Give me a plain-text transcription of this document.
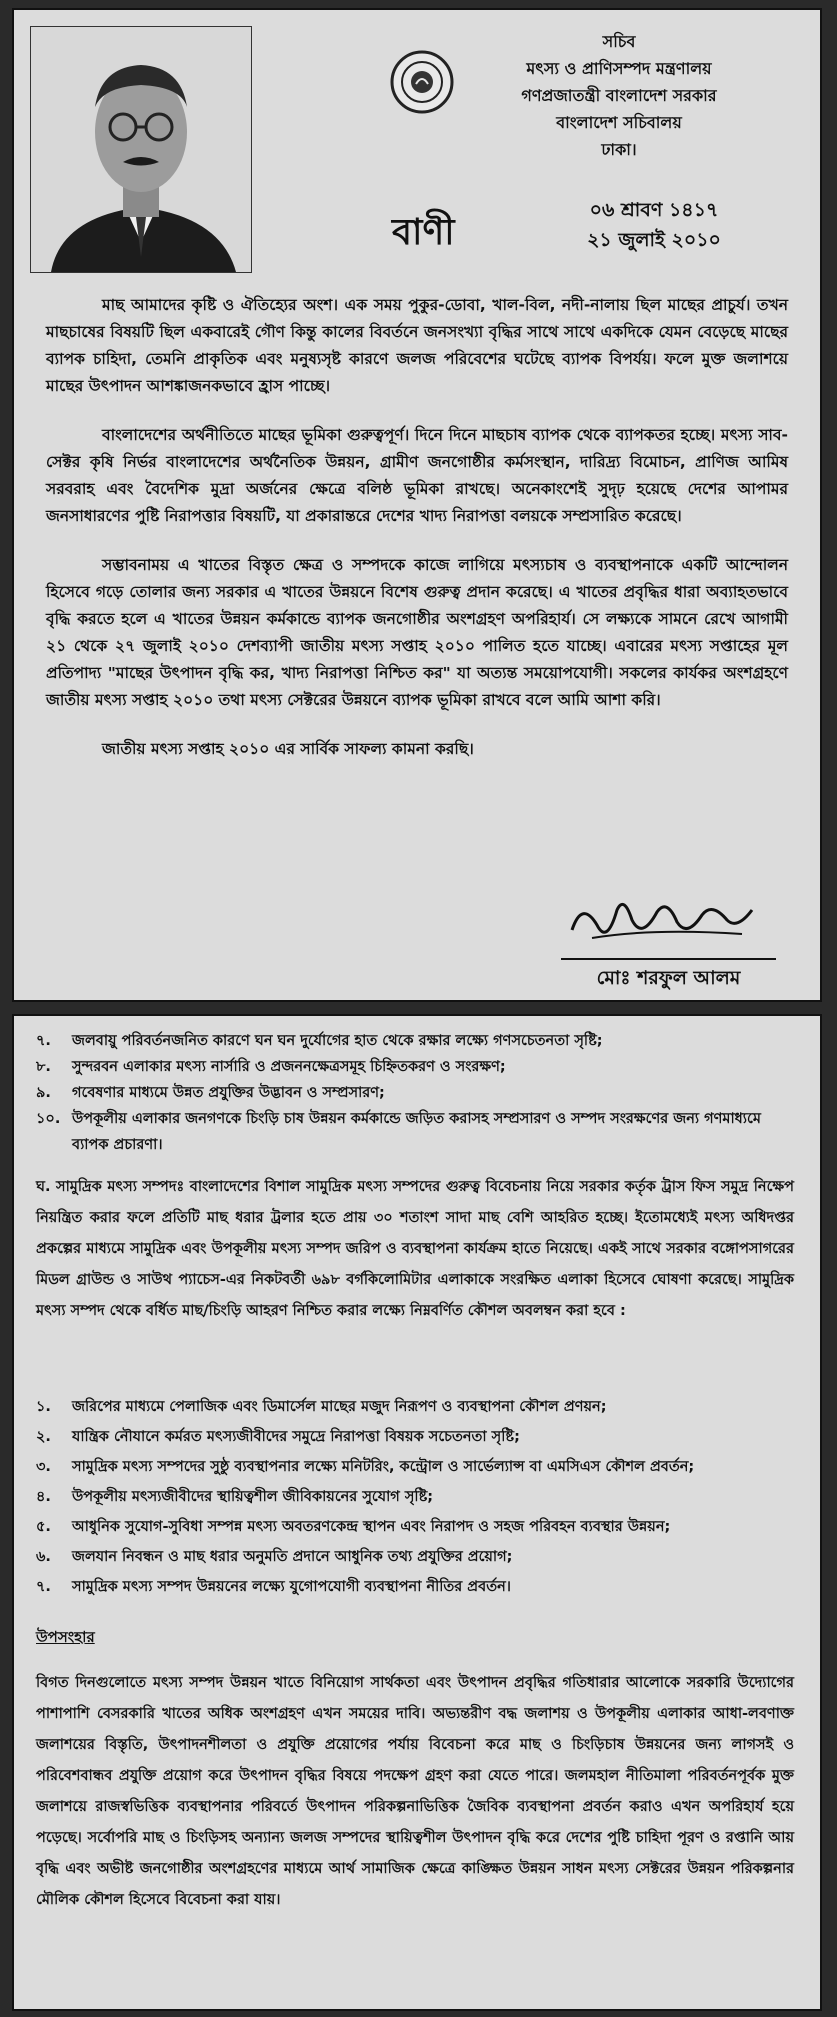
সচিব
মৎস্য ও প্রাণিসম্পদ মন্ত্রণালয়
গণপ্রজাতন্ত্রী বাংলাদেশ সরকার
বাংলাদেশ সচিবালয়
ঢাকা।
০৬ শ্রাবণ ১৪১৭
২১ জুলাই ২০১০
বাণী

মাছ আমাদের কৃষ্টি ও ঐতিহ্যের অংশ। এক সময় পুকুর-ডোবা, খাল-বিল, নদী-নালায় ছিল মাছের প্রাচুর্য। তখন মাছচাষের বিষয়টি ছিল একবারেই গৌণ কিন্তু কালের বিবর্তনে জনসংখ্যা বৃদ্ধির সাথে সাথে একদিকে যেমন বেড়েছে মাছের ব্যাপক চাহিদা, তেমনি প্রাকৃতিক এবং মনুষ্যসৃষ্ট কারণে জলজ পরিবেশের ঘটেছে ব্যাপক বিপর্যয়। ফলে মুক্ত জলাশয়ে মাছের উৎপাদন আশঙ্কাজনকভাবে হ্রাস পাচ্ছে।

বাংলাদেশের অর্থনীতিতে মাছের ভূমিকা গুরুত্বপূর্ণ। দিনে দিনে মাছচাষ ব্যাপক থেকে ব্যাপকতর হচ্ছে। মৎস্য সাব-সেক্টর কৃষি নির্ভর বাংলাদেশের অর্থনৈতিক উন্নয়ন, গ্রামীণ জনগোষ্ঠীর কর্মসংস্থান, দারিদ্র্য বিমোচন, প্রাণিজ আমিষ সরবরাহ এবং বৈদেশিক মুদ্রা অর্জনের ক্ষেত্রে বলিষ্ঠ ভূমিকা রাখছে। অনেকাংশেই সুদৃঢ় হয়েছে দেশের আপামর জনসাধারণের পুষ্টি নিরাপত্তার বিষয়টি, যা প্রকারান্তরে দেশের খাদ্য নিরাপত্তা বলয়কে সম্প্রসারিত করেছে।

সম্ভাবনাময় এ খাতের বিস্তৃত ক্ষেত্র ও সম্পদকে কাজে লাগিয়ে মৎস্যচাষ ও ব্যবস্থাপনাকে একটি আন্দোলন হিসেবে গড়ে তোলার জন্য সরকার এ খাতের উন্নয়নে বিশেষ গুরুত্ব প্রদান করেছে। এ খাতের প্রবৃদ্ধির ধারা অব্যাহতভাবে বৃদ্ধি করতে হলে এ খাতের উন্নয়ন কর্মকান্ডে ব্যাপক জনগোষ্ঠীর অংশগ্রহণ অপরিহার্য। সে লক্ষ্যকে সামনে রেখে আগামী ২১ থেকে ২৭ জুলাই ২০১০ দেশব্যাপী জাতীয় মৎস্য সপ্তাহ ২০১০ পালিত হতে যাচ্ছে। এবারের মৎস্য সপ্তাহের মূল প্রতিপাদ্য "মাছের উৎপাদন বৃদ্ধি কর, খাদ্য নিরাপত্তা নিশ্চিত কর" যা অত্যন্ত সময়োপযোগী। সকলের কার্যকর অংশগ্রহণে জাতীয় মৎস্য সপ্তাহ ২০১০ তথা মৎস্য সেক্টরের উন্নয়নে ব্যাপক ভূমিকা রাখবে বলে আমি আশা করি।

জাতীয় মৎস্য সপ্তাহ ২০১০ এর সার্বিক সাফল্য কামনা করছি।

মোঃ শরফুল আলম
৭.	জলবায়ু পরিবর্তনজনিত কারণে ঘন ঘন দুর্যোগের হাত থেকে রক্ষার লক্ষ্যে গণসচেতনতা সৃষ্টি;
৮.	সুন্দরবন এলাকার মৎস্য নার্সারি ও প্রজননক্ষেত্রসমূহ চিহ্নিতকরণ ও সংরক্ষণ;
৯.	গবেষণার মাধ্যমে উন্নত প্রযুক্তির উদ্ভাবন ও সম্প্রসারণ;
১০. উপকূলীয় এলাকার জনগণকে চিংড়ি চাষ উন্নয়ন কর্মকান্ডে জড়িত করাসহ সম্প্রসারণ ও সম্পদ সংরক্ষণের জন্য গণমাধ্যমে ব্যাপক প্রচারণা।
ঘ. সামুদ্রিক মৎস্য সম্পদঃ বাংলাদেশের বিশাল সামুদ্রিক মৎস্য সম্পদের গুরুত্ব বিবেচনায় নিয়ে সরকার কর্তৃক ট্রাস ফিস সমুদ্র নিক্ষেপ নিয়ন্ত্রিত করার ফলে প্রতিটি মাছ ধরার ট্রলার হতে প্রায় ৩০ শতাংশ সাদা মাছ বেশি আহরিত হচ্ছে। ইতোমধ্যেই মৎস্য অধিদপ্তর প্রকল্পের মাধ্যমে সামুদ্রিক এবং উপকূলীয় মৎস্য সম্পদ জরিপ ও ব্যবস্থাপনা কার্যক্রম হাতে নিয়েছে। একই সাথে সরকার বঙ্গোপসাগরের মিডল গ্রাউন্ড ও সাউথ প্যাচেস-এর নিকটবর্তী ৬৯৮ বর্গকিলোমিটার এলাকাকে সংরক্ষিত এলাকা হিসেবে ঘোষণা করেছে। সামুদ্রিক মৎস্য সম্পদ থেকে বর্ধিত মাছ/চিংড়ি আহরণ নিশ্চিত করার লক্ষ্যে নিম্নবর্ণিত কৌশল অবলম্বন করা হবে :
১.	জরিপের মাধ্যমে পেলাজিক এবং ডিমার্সেল মাছের মজুদ নিরূপণ ও ব্যবস্থাপনা কৌশল প্রণয়ন;
২.	যান্ত্রিক নৌযানে কর্মরত মৎস্যজীবীদের সমুদ্রে নিরাপত্তা বিষয়ক সচেতনতা সৃষ্টি;
৩.	সামুদ্রিক মৎস্য সম্পদের সুষ্ঠু ব্যবস্থাপনার লক্ষ্যে মনিটরিং, কন্ট্রোল ও সার্ভেল্যান্স বা এমসিএস কৌশল প্রবর্তন;
৪.	উপকূলীয় মৎস্যজীবীদের স্থায়িত্বশীল জীবিকায়নের সুযোগ সৃষ্টি;
৫.	আধুনিক সুযোগ-সুবিধা সম্পন্ন মৎস্য অবতরণকেন্দ্র স্থাপন এবং নিরাপদ ও সহজ পরিবহন ব্যবস্থার উন্নয়ন;
৬.	জলযান নিবন্ধন ও মাছ ধরার অনুমতি প্রদানে আধুনিক তথ্য প্রযুক্তির প্রয়োগ;
৭.	সামুদ্রিক মৎস্য সম্পদ উন্নয়নের লক্ষ্যে যুগোপযোগী ব্যবস্থাপনা নীতির প্রবর্তন।
উপসংহার
বিগত দিনগুলোতে মৎস্য সম্পদ উন্নয়ন খাতে বিনিয়োগ সার্থকতা এবং উৎপাদন প্রবৃদ্ধির গতিধারার আলোকে সরকারি উদ্যোগের পাশাপাশি বেসরকারি খাতের অধিক অংশগ্রহণ এখন সময়ের দাবি। অভ্যন্তরীণ বদ্ধ জলাশয় ও উপকূলীয় এলাকার আধা-লবণাক্ত জলাশয়ের বিস্তৃতি, উৎপাদনশীলতা ও প্রযুক্তি প্রয়োগের পর্যায় বিবেচনা করে মাছ ও চিংড়িচাষ উন্নয়নের জন্য লাগসই ও পরিবেশবান্ধব প্রযুক্তি প্রয়োগ করে উৎপাদন বৃদ্ধির বিষয়ে পদক্ষেপ গ্রহণ করা যেতে পারে। জলমহাল নীতিমালা পরিবর্তনপূর্বক মুক্ত জলাশয়ে রাজস্বভিত্তিক ব্যবস্থাপনার পরিবর্তে উৎপাদন পরিকল্পনাভিত্তিক জৈবিক ব্যবস্থাপনা প্রবর্তন করাও এখন অপরিহার্য হয়ে পড়েছে। সর্বোপরি মাছ ও চিংড়িসহ অন্যান্য জলজ সম্পদের স্থায়িত্বশীল উৎপাদন বৃদ্ধি করে দেশের পুষ্টি চাহিদা পূরণ ও রপ্তানি আয় বৃদ্ধি এবং অভীষ্ট জনগোষ্ঠীর অংশগ্রহণের মাধ্যমে আর্থ সামাজিক ক্ষেত্রে কাঙ্ক্ষিত উন্নয়ন সাধন মৎস্য সেক্টরের উন্নয়ন পরিকল্পনার মৌলিক কৌশল হিসেবে বিবেচনা করা যায়।
